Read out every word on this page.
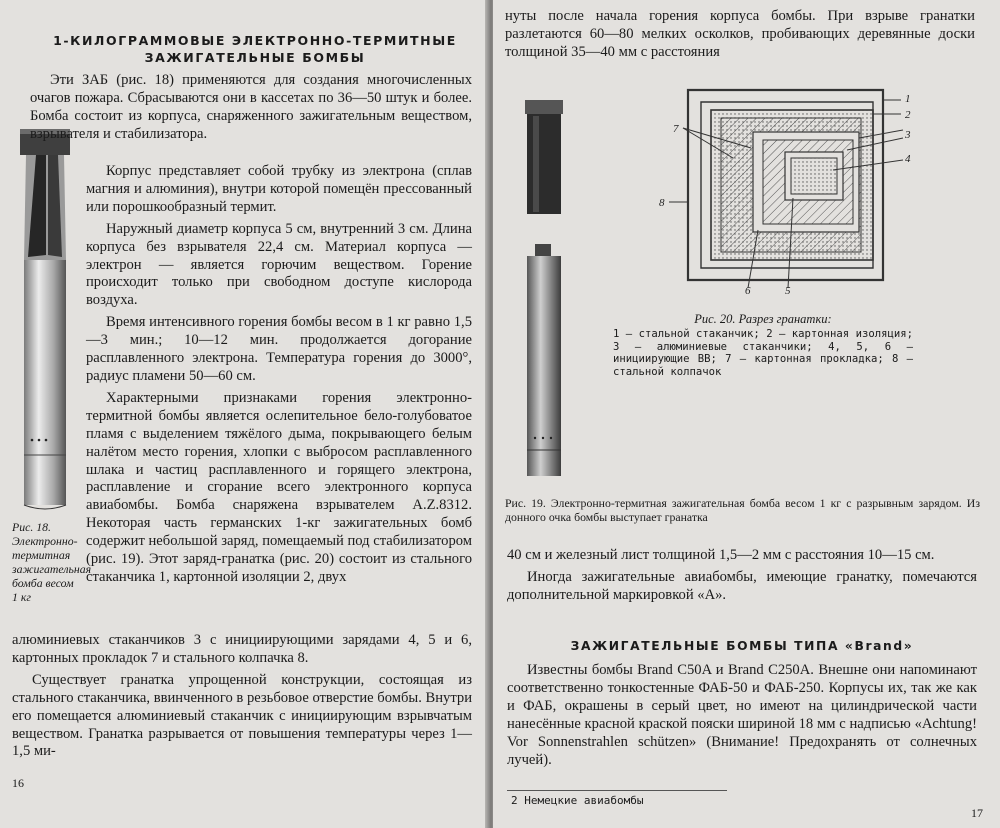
1-КИЛОГРАММОВЫЕ ЭЛЕКТРОННО-ТЕРМИТНЫЕ
ЗАЖИГАТЕЛЬНЫЕ БОМБЫ

Эти ЗАБ (рис. 18) применяются для создания многочисленных очагов пожара. Сбрасываются они в кассетах по 36—50 штук и более. Бомба состоит из корпуса, снаряженного зажигательным веществом, взрывателя и стабилизатора.

Корпус представляет собой трубку из электрона (сплав магния и алюминия), внутри которой помещён прессованный или порошкообразный термит.

Наружный диаметр корпуса 5 см, внутренний 3 см. Длина корпуса без взрывателя 22,4 см. Материал корпуса — электрон — является горючим веществом. Горение происходит только при свободном доступе кислорода воздуха.

Время интенсивного горения бомбы весом в 1 кг равно 1,5—3 мин.; 10—12 мин. продолжается догорание расплавленного электрона. Температура горения до 3000°, радиус пламени 50—60 см.

Характерными признаками горения электронно-термитной бомбы является ослепительное бело-голубоватое пламя с выделением тяжёлого дыма, покрывающего белым налётом место горения, хлопки с выбросом расплавленного шлака и частиц расплавленного и горящего электрона, расплавление и сгорание всего электронного корпуса авиабомбы. Бомба снаряжена взрывателем A.Z.8312. Некоторая часть германских 1-кг зажигательных бомб содержит небольшой заряд, помещаемый под стабилизатором (рис. 19). Этот заряд-гранатка (рис. 20) состоит из стального стаканчика 1, картонной изоляции 2, двух

Рис. 18. Электронно-термитная зажигательная бомба весом 1 кг

алюминиевых стаканчиков 3 с инициирующими зарядами 4, 5 и 6, картонных прокладок 7 и стального колпачка 8.

Существует гранатка упрощенной конструкции, состоящая из стального стаканчика, ввинченного в резьбовое отверстие бомбы. Внутри его помещается алюминиевый стаканчик с инициирующим взрывчатым веществом. Гранатка разрывается от повышения температуры через 1—1,5 ми-

16

нуты после начала горения корпуса бомбы. При взрыве гранатки разлетаются 60—80 мелких осколков, пробивающих деревянные доски толщиной 35—40 мм с расстояния

1
2
3
4
7
8
6	5
Рис. 20. Разрез гранатки:
1 — стальной стаканчик; 2 — картонная изоляция; 3 — алюминиевые стаканчики; 4, 5, 6 — инициирующие ВВ; 7 — картонная прокладка; 8 — стальной колпачок
Рис. 19. Электронно-термитная зажигательная бомба весом 1 кг с разрывным зарядом. Из донного очка бомбы выступает гранатка

40 см и железный лист толщиной 1,5—2 мм с расстояния 10—15 см.

Иногда зажигательные авиабомбы, имеющие гранатку, помечаются дополнительной маркировкой «А».

ЗАЖИГАТЕЛЬНЫЕ БОМБЫ ТИПА «Brand»

Известны бомбы Brand C50A и Brand C250A. Внешне они напоминают соответственно тонкостенные ФАБ-50 и ФАБ-250. Корпусы их, так же как и ФАБ, окрашены в серый цвет, но имеют на цилиндрической части нанесённые красной краской пояски шириной 18 мм с надписью «Achtung! Vor Sonnenstrahlen schützen» (Внимание! Предохранять от солнечных лучей).

2 Немецкие авиабомбы
17
